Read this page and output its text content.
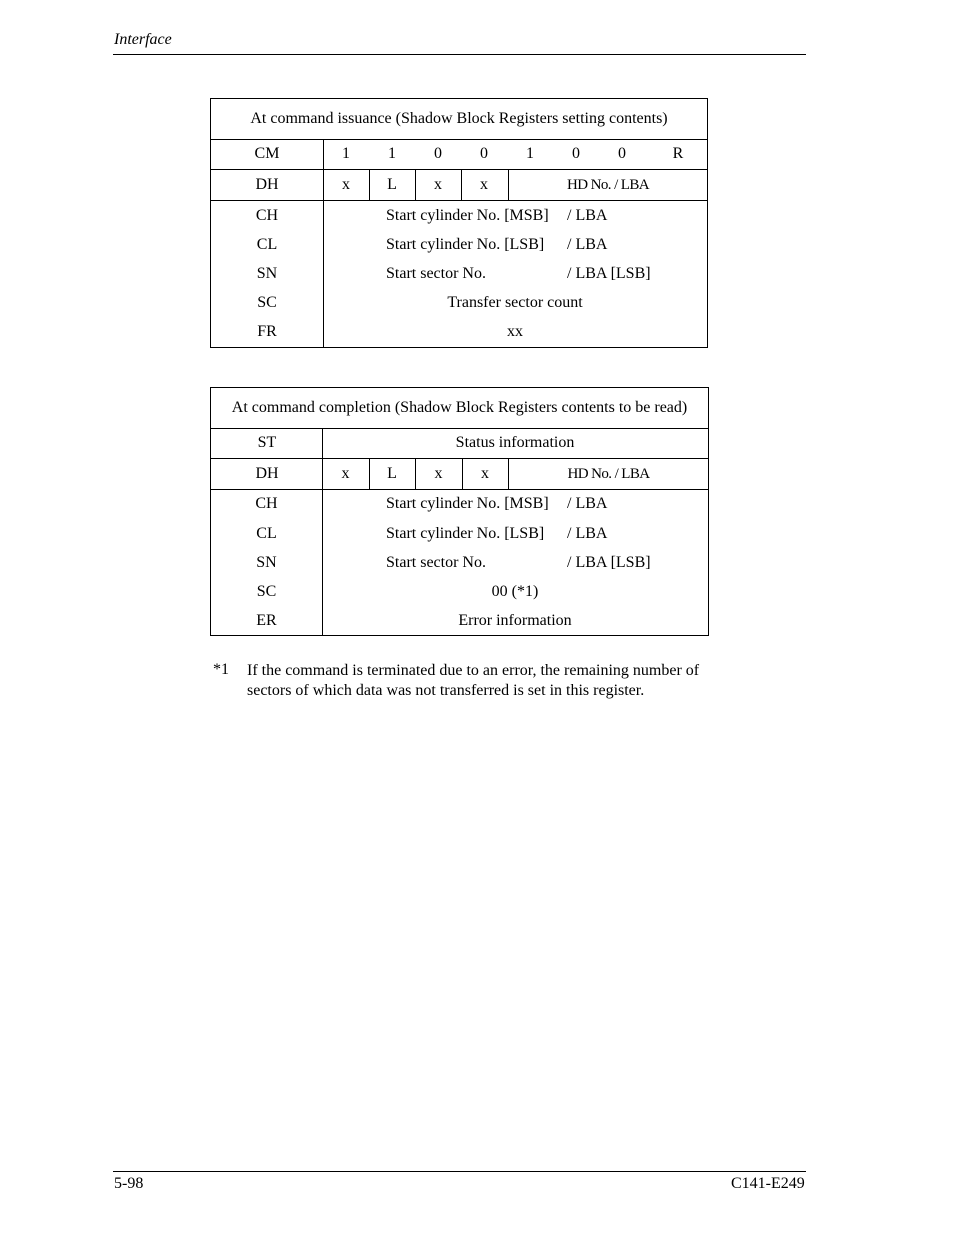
Interface
At command issuance (Shadow Block Registers setting contents)
CM	1	1	0	0	1	0	0	R
DH	x	L	x	x	HD No. / LBA
CH	Start cylinder No. [MSB] / LBA
CL	Start cylinder No. [LSB] / LBA
SN	Start sector No.	/ LBA [LSB]
SC	Transfer sector count
FR	xx
At command completion (Shadow Block Registers contents to be read)
ST	Status information
DH	x	L	x	x	HD No. / LBA
CH	Start cylinder No. [MSB] / LBA
CL	Start cylinder No. [LSB] / LBA
SN	Start sector No.	/ LBA [LSB]
SC	00 (*1)
ER	Error information
*1 If the command is terminated due to an error, the remaining number of sectors of which data was not transferred is set in this register.
5-98	C141-E249
